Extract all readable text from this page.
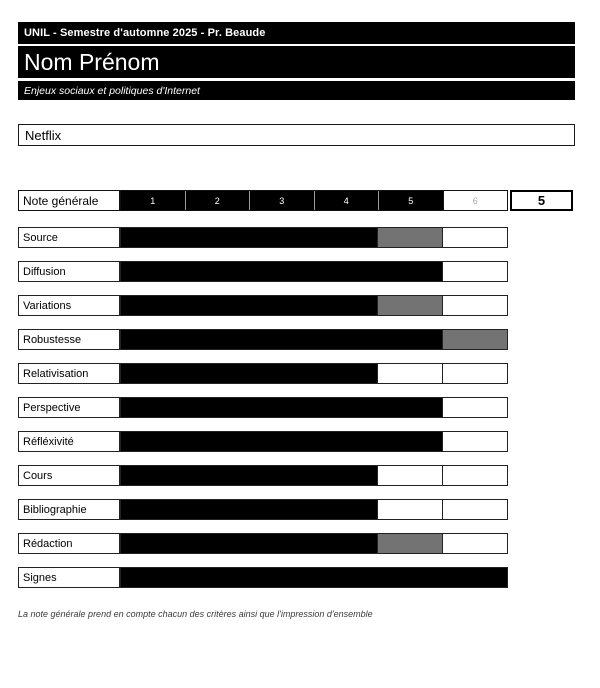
UNIL - Semestre d'automne 2025 - Pr. Beaude
Nom Prénom
Enjeux sociaux et politiques d'Internet
Netflix
Note générale	1	2	3	4	5	6	5
Source
Diffusion
Variations
Robustesse
Relativisation
Perspective
Réfléxivité
Cours
Bibliographie
Rédaction
Signes
La note générale prend en compte chacun des critères ainsi que l'impression d'ensemble
